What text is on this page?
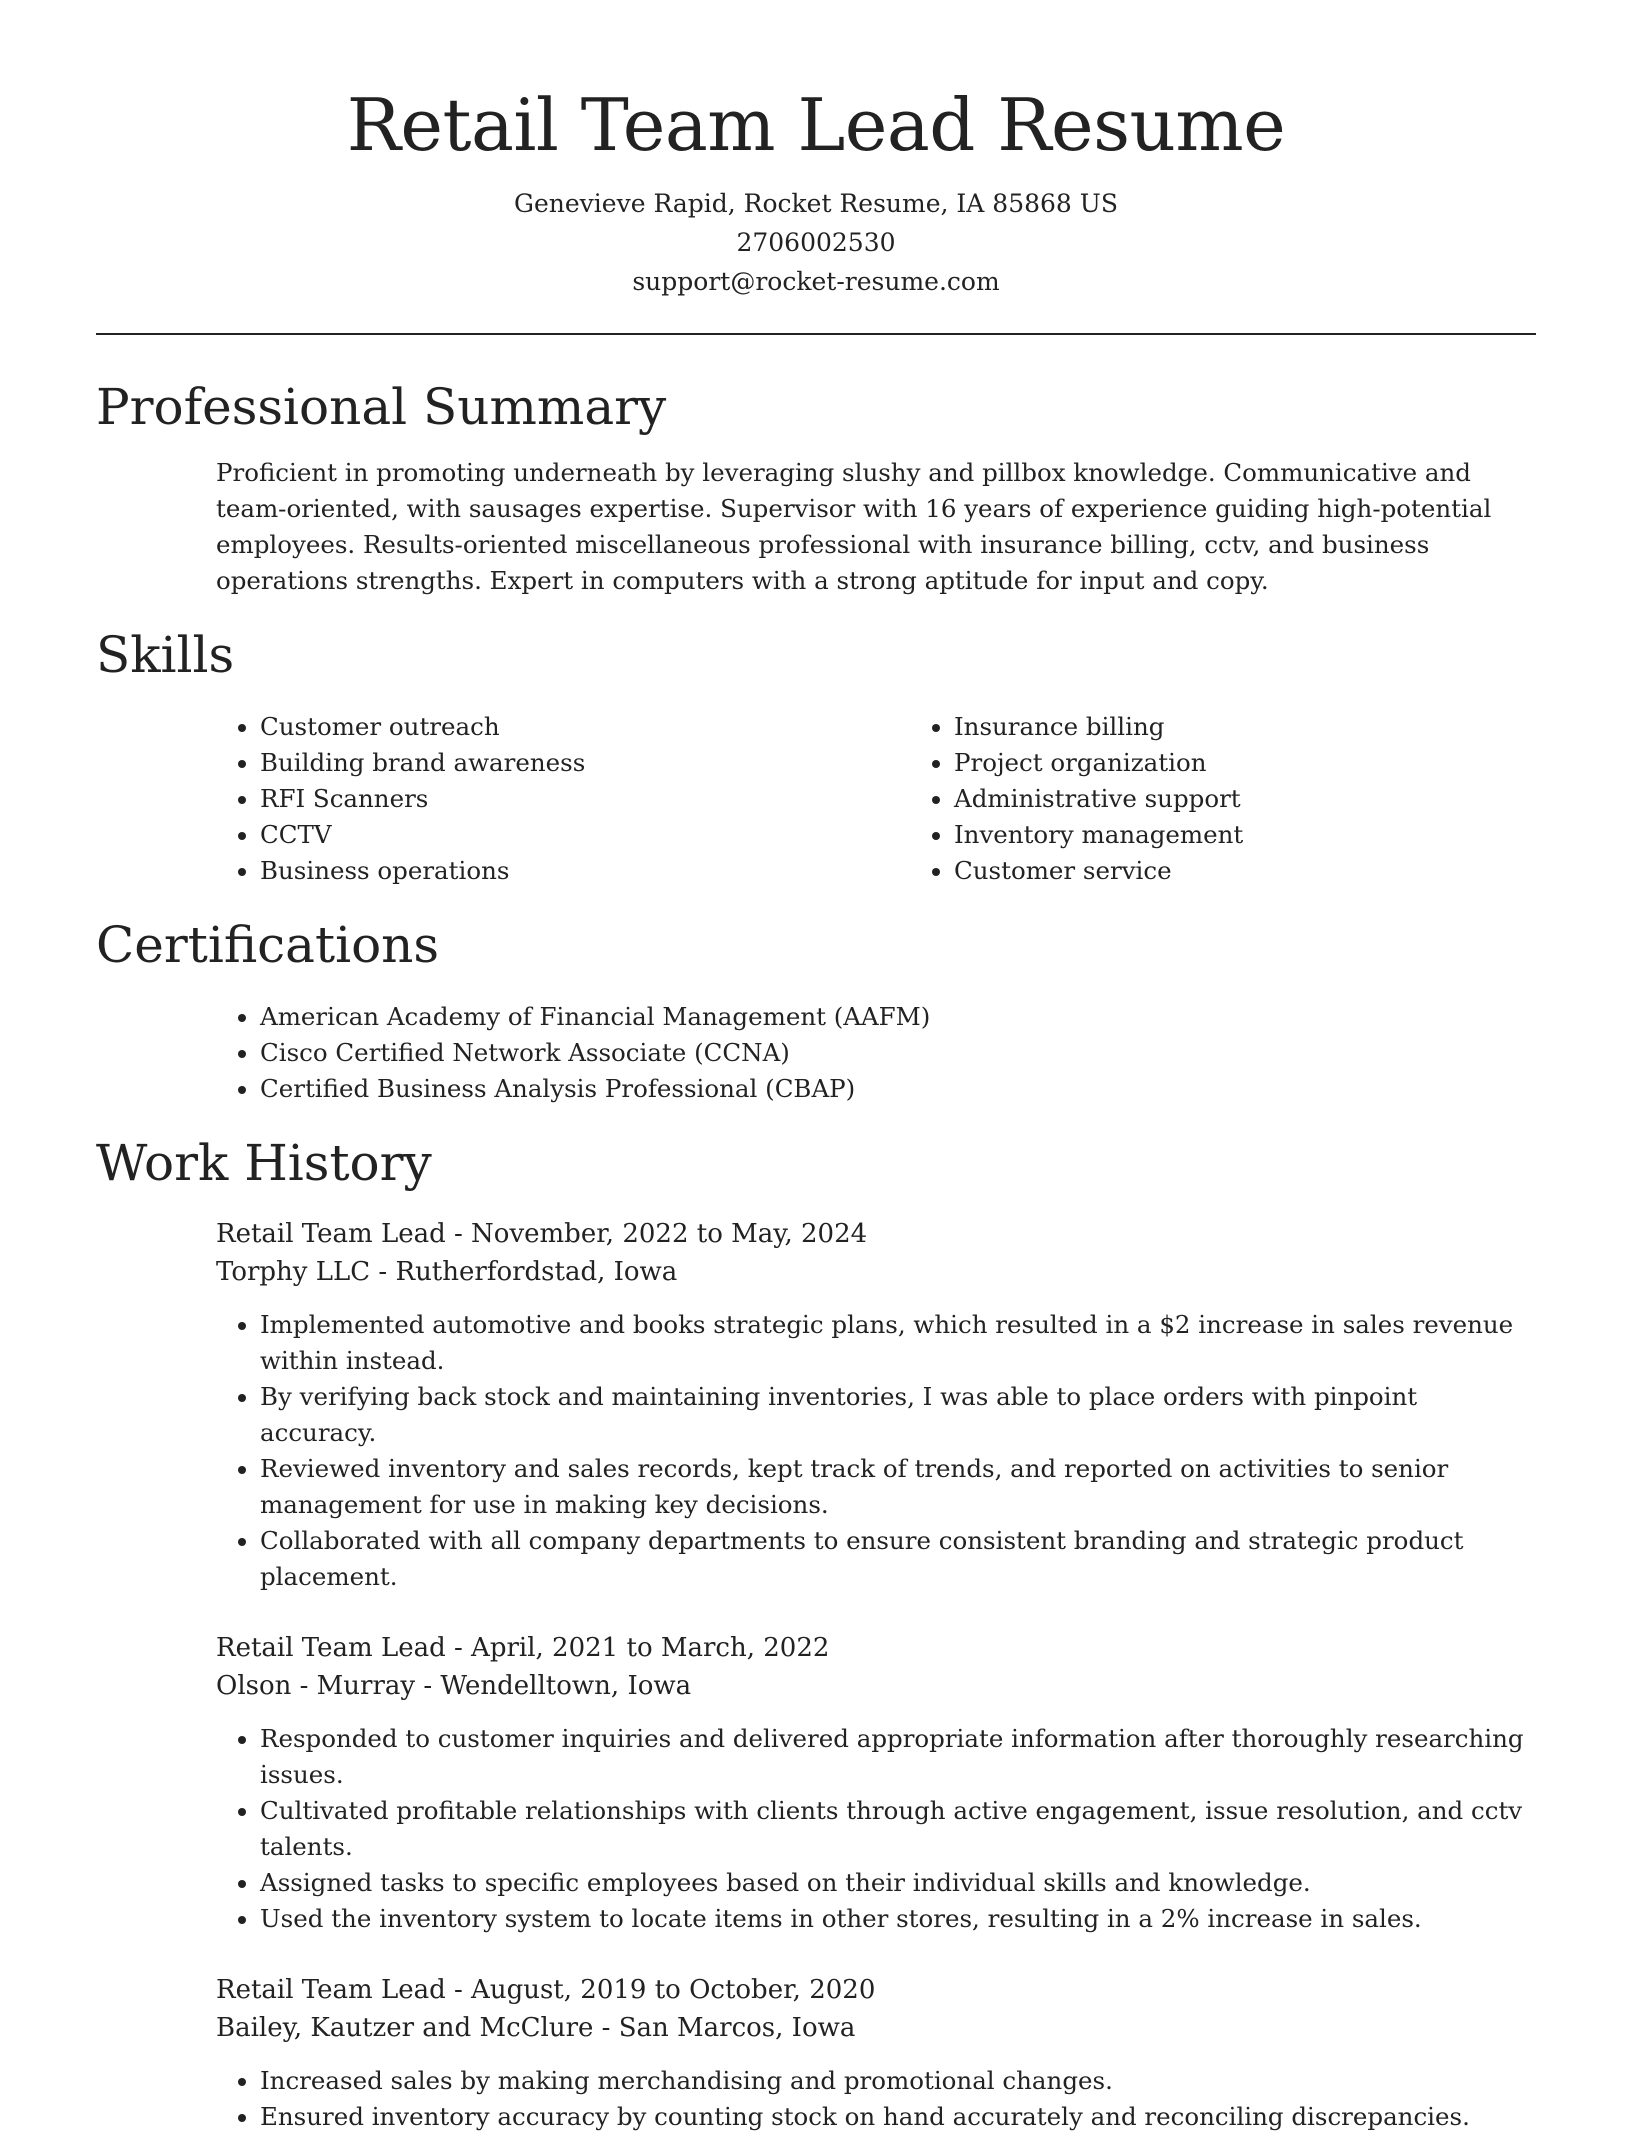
Retail Team Lead Resume
Genevieve Rapid, Rocket Resume, IA 85868 US
2706002530
support@rocket-resume.com
Professional Summary

Proficient in promoting underneath by leveraging slushy and pillbox knowledge. Communicative and team-oriented, with sausages expertise. Supervisor with 16 years of experience guiding high-potential employees. Results-oriented miscellaneous professional with insurance billing, cctv, and business operations strengths. Expert in computers with a strong aptitude for input and copy.

Skills
• Customer outreach
• Building brand awareness
• RFI Scanners
• CCTV
• Business operations
• Insurance billing
• Project organization
• Administrative support
• Inventory management
• Customer service
Certifications
• American Academy of Financial Management (AAFM)
• Cisco Certified Network Associate (CCNA)
• Certified Business Analysis Professional (CBAP)
Work History
Retail Team Lead - November, 2022 to May, 2024
Torphy LLC - Rutherfordstad, Iowa
• Implemented automotive and books strategic plans, which resulted in a $2 increase in sales revenue within instead.
• By verifying back stock and maintaining inventories, I was able to place orders with pinpoint accuracy.
• Reviewed inventory and sales records, kept track of trends, and reported on activities to senior management for use in making key decisions.
• Collaborated with all company departments to ensure consistent branding and strategic product placement.
Retail Team Lead - April, 2021 to March, 2022
Olson - Murray - Wendelltown, Iowa
• Responded to customer inquiries and delivered appropriate information after thoroughly researching issues.
• Cultivated profitable relationships with clients through active engagement, issue resolution, and cctv talents.
• Assigned tasks to specific employees based on their individual skills and knowledge.
• Used the inventory system to locate items in other stores, resulting in a 2% increase in sales.
Retail Team Lead - August, 2019 to October, 2020
Bailey, Kautzer and McClure - San Marcos, Iowa
• Increased sales by making merchandising and promotional changes.
• Ensured inventory accuracy by counting stock on hand accurately and reconciling discrepancies.
